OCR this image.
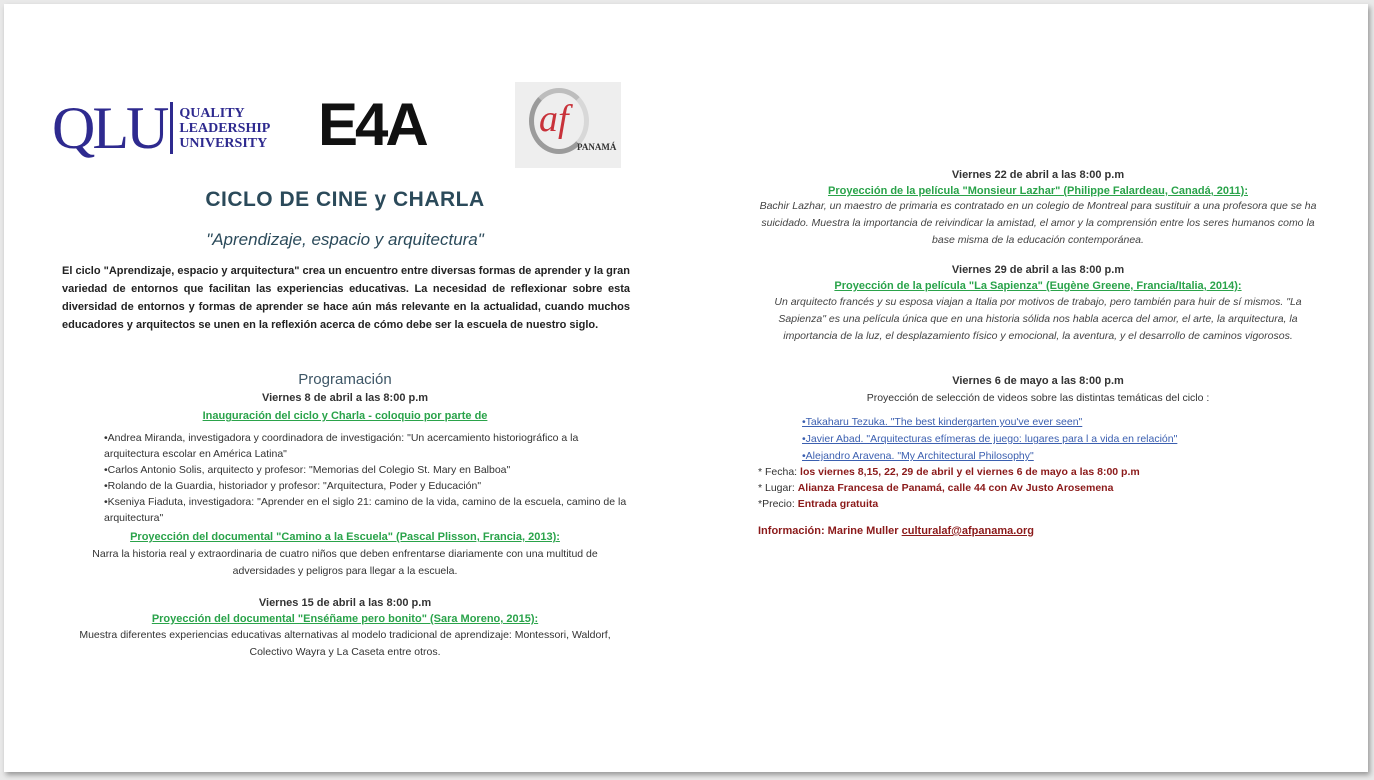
QLU QUALITY
LEADERSHIP
UNIVERSITY E4A	af
PANAMÁ
CICLO DE CINE y CHARLA
"Aprendizaje, espacio y arquitectura"
El ciclo "Aprendizaje, espacio y arquitectura" crea un encuentro entre diversas formas de aprender y la gran variedad de entornos que facilitan las experiencias educativas. La necesidad de reflexionar sobre esta diversidad de entornos y formas de aprender se hace aún más relevante en la actualidad, cuando muchos educadores y arquitectos se unen en la reflexión acerca de cómo debe ser la escuela de nuestro siglo.
Programación
Viernes 8 de abril a las 8:00 p.m
Inauguración del ciclo y Charla - coloquio por parte de
•Andrea Miranda, investigadora y coordinadora de investigación: "Un acercamiento historiográfico a la arquitectura escolar en América Latina"
•Carlos Antonio Solis, arquitecto y profesor: "Memorias del Colegio St. Mary en Balboa"
•Rolando de la Guardia, historiador y profesor: "Arquitectura, Poder y Educación"
•Kseniya Fiaduta, investigadora: "Aprender en el siglo 21: camino de la vida, camino de la escuela, camino de la arquitectura"
Proyección del documental "Camino a la Escuela" (Pascal Plisson, Francia, 2013):
Narra la historia real y extraordinaria de cuatro niños que deben enfrentarse diariamente con una multitud de adversidades y peligros para llegar a la escuela.
Viernes 15 de abril a las 8:00 p.m
Proyección del documental "Enséñame pero bonito" (Sara Moreno, 2015):
Muestra diferentes experiencias educativas alternativas al modelo tradicional de aprendizaje: Montessori, Waldorf, Colectivo Wayra y La Caseta entre otros.
Viernes 22 de abril a las 8:00 p.m
Proyección de la película "Monsieur Lazhar" (Philippe Falardeau, Canadá, 2011):
Bachir Lazhar, un maestro de primaria es contratado en un colegio de Montreal para sustituir a una profesora que se ha suicidado. Muestra la importancia de reivindicar la amistad, el amor y la comprensión entre los seres humanos como la base misma de la educación contemporánea.
Viernes 29 de abril a las 8:00 p.m
Proyección de la película "La Sapienza" (Eugène Greene, Francia/Italia, 2014):
Un arquitecto francés y su esposa viajan a Italia por motivos de trabajo, pero también para huir de sí mismos. "La Sapienza" es una película única que en una historia sólida nos habla acerca del amor, el arte, la arquitectura, la importancia de la luz, el desplazamiento físico y emocional, la aventura, y el desarrollo de caminos vigorosos.
Viernes 6 de mayo a las 8:00 p.m
Proyección de selección de videos sobre las distintas temáticas del ciclo :
•Takaharu Tezuka. "The best kindergarten you've ever seen"
•Javier Abad. "Arquitecturas efímeras de juego: lugares para l a vida en relación"
•Alejandro Aravena. "My Architectural Philosophy"
* Fecha: los viernes 8,15, 22, 29 de abril y el viernes 6 de mayo a las 8:00 p.m
* Lugar: Alianza Francesa de Panamá, calle 44 con Av Justo Arosemena
*Precio: Entrada gratuita
Información: Marine Muller culturalaf@afpanama.org
